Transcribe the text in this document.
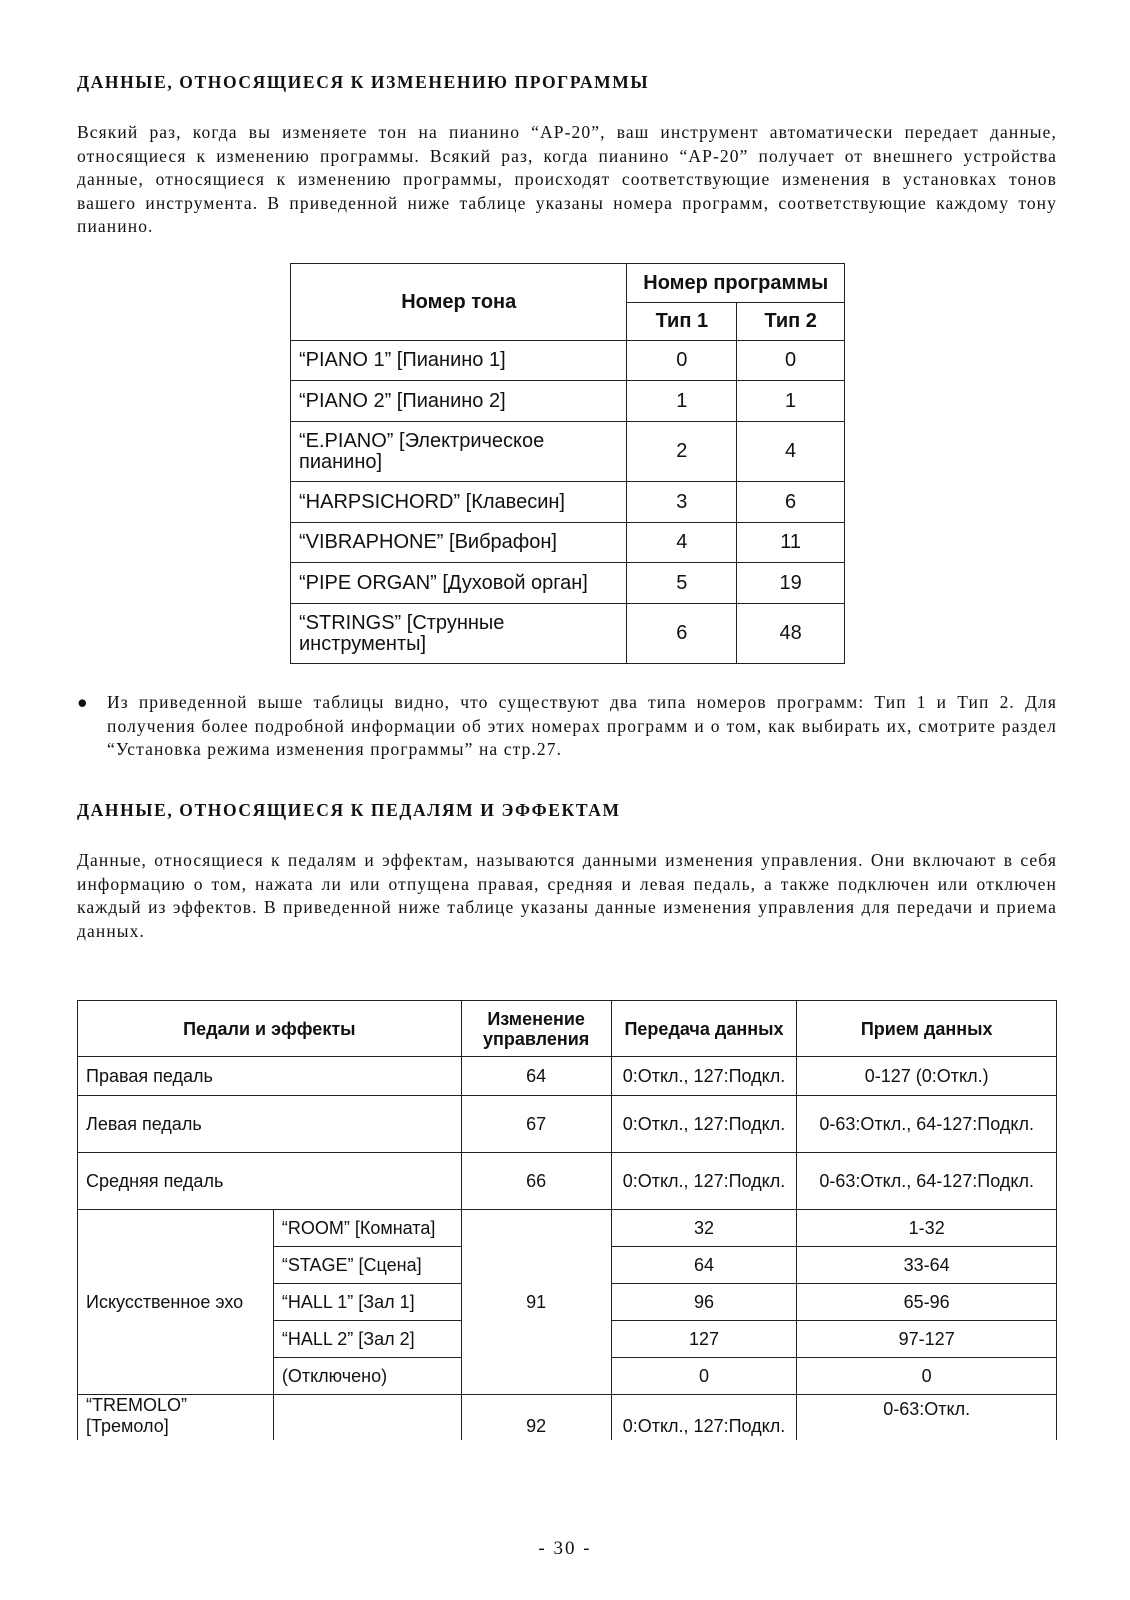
ДАННЫЕ, ОТНОСЯЩИЕСЯ К ИЗМЕНЕНИЮ ПРОГРАММЫ

Всякий раз, когда вы изменяете тон на пианино “AP-20”, ваш инструмент автоматически передает данные, относящиеся к изменению программы. Всякий раз, когда пианино “AP-20” получает от внешнего устройства данные, относящиеся к изменению программы, происходят соответствующие изменения в установках тонов вашего инструмента. В приведенной ниже таблице указаны номера программ, соответствующие каждому тону пианино.

Номер тона	Номер программы	
	Тип 1	Тип 2
“PIANO 1” [Пианино 1]	0	0
“PIANO 2” [Пианино 2]	1	1
“E.PIANO” [Электрическое пианино]	2	4
“HARPSICHORD” [Клавесин]	3	6
“VIBRAPHONE” [Вибрафон]	4	11
“PIPE ORGAN” [Духовой орган]	5	19
“STRINGS” [Струнные инструменты]	6	48
● Из приведенной выше таблицы видно, что существуют два типа номеров программ: Тип 1 и Тип 2. Для получения более подробной информации об этих номерах программ и о том, как выбирать их, смотрите раздел “Установка режима изменения программы” на стр.27.
ДАННЫЕ, ОТНОСЯЩИЕСЯ К ПЕДАЛЯМ И ЭФФЕКТАМ

Данные, относящиеся к педалям и эффектам, называются данными изменения управления. Они включают в себя информацию о том, нажата ли или отпущена правая, средняя и левая педаль, а также подключен или отключен каждый из эффектов. В приведенной ниже таблице указаны данные изменения управления для передачи и приема данных.

Педали и эффекты		Изменение управления	Передача данных	Прием данных
Правая педаль		64	0:Откл., 127:Подкл.	0-127 (0:Откл.)
Левая педаль		67	0:Откл., 127:Подкл.	0-63:Откл., 64-127:Подкл.
Средняя педаль		66	0:Откл., 127:Подкл.	0-63:Откл., 64-127:Подкл.
Искусственное эхо	“ROOM” [Комната]	91	32	1-32
	“STAGE” [Сцена]		64	33-64
	“HALL 1” [Зал 1]		96	65-96
	“HALL 2” [Зал 2]		127	97-127
	(Отключено)		0	0
“TREMOLO” [Тремоло]		92	0:Откл., 127:Подкл.	0-63:Откл.
- 30 -
